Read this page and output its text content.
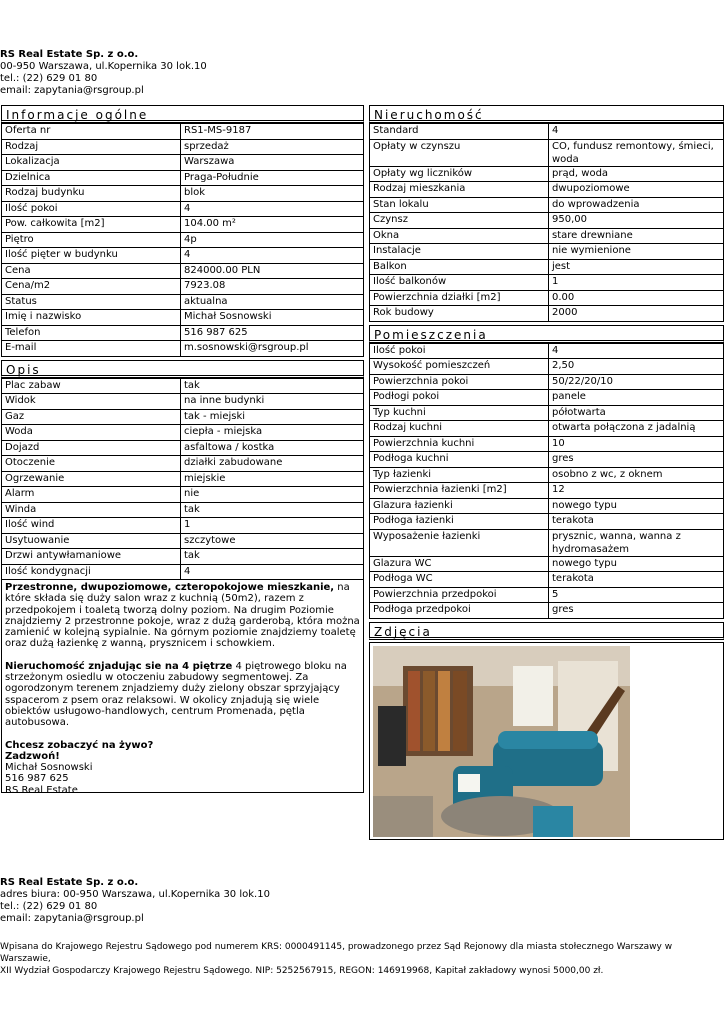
RS Real Estate Sp. z o.o.
00-950 Warszawa, ul.Kopernika 30 lok.10
tel.: (22) 629 01 80
email: zapytania@rsgroup.pl
Informacje ogólne
Oferta nr	RS1-MS-9187
Rodzaj	sprzedaż
Lokalizacja	Warszawa
Dzielnica	Praga-Południe
Rodzaj budynku	blok
Ilość pokoi	4
Pow. całkowita [m2]	104.00 m²
Piętro	4p
Ilość pięter w budynku	4
Cena	824000.00 PLN
Cena/m2	7923.08
Status	aktualna
Imię i nazwisko	Michał Sosnowski
Telefon	516 987 625
E-mail	m.sosnowski@rsgroup.pl
Opis
Plac zabaw	tak
Widok	na inne budynki
Gaz	tak - miejski
Woda	ciepła - miejska
Dojazd	asfaltowa / kostka
Otoczenie	działki zabudowane
Ogrzewanie	miejskie
Alarm	nie
Winda	tak
Ilość wind	1
Usytuowanie	szczytowe
Drzwi antywłamaniowe	tak
Ilość kondygnacji	4

Przestronne, dwupoziomowe, czteropokojowe mieszkanie, na które składa się duży salon wraz z kuchnią (50m2), razem z przedpokojem i toaletą tworzą dolny poziom. Na drugim Poziomie znajdziemy 2 przestronne pokoje, wraz z dużą garderobą, która można zamienić w kolejną sypialnie. Na górnym poziomie znajdziemy toaletę oraz dużą łazienkę z wanną, prysznicem i schowkiem.

Nieruchomość znjadując sie na 4 piętrze 4 piętrowego bloku na strzeżonym osiedlu w otoczeniu zabudowy segmentowej. Za ogorodzonym terenem znjadziemy duży zielony obszar sprzyjający sspacerom z psem oraz relaksowi. W okolicy znjadują się wiele obiektów usługowo-handlowych, centrum Promenada, pętla autobusowa.

Chcesz zobaczyć na żywo?
Zadzwoń!
Michał Sosnowski
516 987 625
RS Real Estate

Nieruchomość
Standard	4
Opłaty w czynszu	CO, fundusz remontowy, śmieci, woda
Opłaty wg liczników	prąd, woda
Rodzaj mieszkania	dwupoziomowe
Stan lokalu	do wprowadzenia
Czynsz	950,00
Okna	stare drewniane
Instalacje	nie wymienione
Balkon	jest
Ilość balkonów	1
Powierzchnia działki [m2]	0.00
Rok budowy	2000
Pomieszczenia
Ilość pokoi	4
Wysokość pomieszczeń	2,50
Powierzchnia pokoi	50/22/20/10
Podłogi pokoi	panele
Typ kuchni	półotwarta
Rodzaj kuchni	otwarta połączona z jadalnią
Powierzchnia kuchni	10
Podłoga kuchni	gres
Typ łazienki	osobno z wc, z oknem
Powierzchnia łazienki [m2]	12
Glazura łazienki	nowego typu
Podłoga łazienki	terakota
Wyposażenie łazienki	prysznic, wanna, wanna z hydromasażem
Glazura WC	nowego typu
Podłoga WC	terakota
Powierzchnia przedpokoi	5
Podłoga przedpokoi	gres
Zdjęcia
RS Real Estate Sp. z o.o.
adres biura: 00-950 Warszawa, ul.Kopernika 30 lok.10
tel.: (22) 629 01 80
email: zapytania@rsgroup.pl
Wpisana do Krajowego Rejestru Sądowego pod numerem KRS: 0000491145, prowadzonego przez Sąd Rejonowy dla miasta stołecznego Warszawy w Warszawie,
XII Wydział Gospodarczy Krajowego Rejestru Sądowego. NIP: 5252567915, REGON: 146919968, Kapitał zakładowy wynosi 5000,00 zł.
